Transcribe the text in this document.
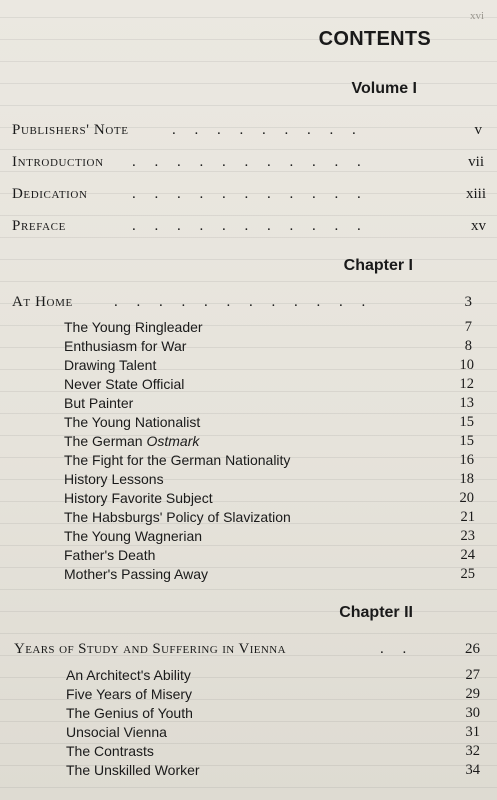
xvi
CONTENTS
Volume I
Publishers' Note	.     .     .     .     .     .     .     .     .	v
Introduction .     .     .     .     .     .     .     .     .     .     .	vii
Dedication	.     .     .     .     .     .     .     .     .     .     .	xiii
Preface	.     .     .     .     .     .     .     .     .     .     .	xv
Chapter I
At Home	.     .     .     .     .     .     .     .     .     .     .     .	3
The Young Ringleader	7
Enthusiasm for War	8
Drawing Talent	10
Never State Official	12
But Painter	13
The Young Nationalist	15
The German Ostmark	15
The Fight for the German Nationality	16
History Lessons	18
History Favorite Subject	20
The Habsburgs' Policy of Slavization	21
The Young Wagnerian	23
Father's Death	24
Mother's Passing Away	25
Chapter II
Years of Study and Suffering in Vienna	.     .	26
An Architect's Ability	27
Five Years of Misery	29
The Genius of Youth	30
Unsocial Vienna	31
The Contrasts	32
The Unskilled Worker	34
